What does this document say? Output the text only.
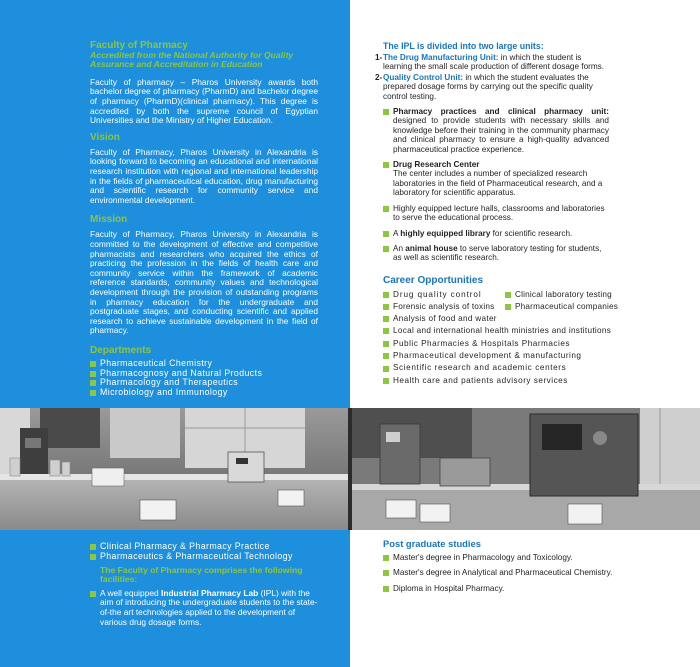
Faculty of Pharmacy
Accredited from the National Authority for Quality Assurance and Accreditation in Education
Faculty of pharmacy – Pharos University awards both bachelor degree of pharmacy (PharmD) and bachelor degree of pharmacy (PharmD)(clinical pharmacy). This degree is accredited by both the supreme council of Egyptian Universities and the Ministry of Higher Education.
Vision
Faculty of Pharmacy, Pharos University in Alexandria is looking forward to becoming an educational and international research institution with regional and international leadership in the fields of pharmaceutical education, drug manufacturing and scientific research for community service and environmental development.
Mission
Faculty of Pharmacy, Pharos University in Alexandria is committed to the development of effective and competitive pharmacists and researchers who acquired the ethics of practicing the profession in the fields of health care and community service within the framework of academic reference standards, community values and technological development through the provision of outstanding programs in pharmacy education for the undergraduate and postgraduate stages, and conducting scientific and applied research to achieve sustainable development in the field of pharmacy.
Departments
Pharmaceutical Chemistry
Pharmacognosy and Natural Products
Pharmacology and Therapeutics
Microbiology and Immunology
Clinical Pharmacy & Pharmacy Practice
Pharmaceutics & Pharmaceutical Technology
The Faculty of Pharmacy comprises the following facilities:
A well equipped Industrial Pharmacy Lab (IPL) with the aim of introducing the undergraduate students to the state-of-the art technologies applied to the development of various drug dosage forms.
The IPL is divided into two large units:
1- The Drug Manufacturing Unit: in which the student is learning the small scale production of different dosage forms.
2- Quality Control Unit: in which the student evaluates the prepared dosage forms by carrying out the specific quality control testing.
Pharmacy practices and clinical pharmacy unit: designed to provide students with necessary skills and knowledge before their training in the community pharmacy and clinical pharmacy to ensure a high-quality advanced pharmaceutical practice experience.
Drug Research Center
The center includes a number of specialized research laboratories in the field of Pharmaceutical research, and a laboratory for scientific apparatus.
Highly equipped lecture halls, classrooms and laboratories to serve the educational process.
A highly equipped library for scientific research.
An animal house to serve laboratory testing for students, as well as scientific research.
Career Opportunities
Drug quality control	Clinical laboratory testing
Forensic analysis of toxins	Pharmaceutical companies
Analysis of food and water
Local and international health ministries and institutions
Public Pharmacies & Hospitals Pharmacies
Pharmaceutical development & manufacturing
Scientific research and academic centers
Health care and patients advisory services
Post graduate studies
Master's degree in Pharmacology and Toxicology.
Master's degree in Analytical and Pharmaceutical Chemistry.
Diploma in Hospital Pharmacy.
